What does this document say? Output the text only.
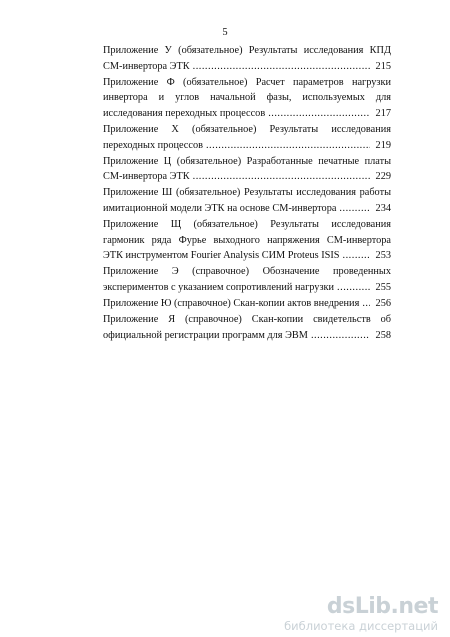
5
Приложение У (обязательное) Результаты исследования КПД
СМ-инвертора ЭТК .....	215
Приложение Ф (обязательное) Расчет параметров нагрузки
инвертора и углов начальной фазы, используемых для
исследования переходных процессов .....	217
Приложение Х (обязательное) Результаты исследования
переходных процессов .....	219
Приложение Ц (обязательное) Разработанные печатные платы
СМ-инвертора ЭТК .....	229
Приложение Ш (обязательное) Результаты исследования работы
имитационной модели ЭТК на основе СМ-инвертора .....	234
Приложение Щ (обязательное) Результаты исследования
гармоник ряда Фурье выходного напряжения СМ-инвертора
ЭТК инструментом Fourier Analysis СИМ Proteus ISIS .....	253
Приложение Э (справочное) Обозначение проведенных
экспериментов с указанием сопротивлений нагрузки .....	255
Приложение Ю (справочное) Скан-копии актов внедрения ..... 256
Приложение Я (справочное) Скан-копии свидетельств об
официальной регистрации программ для ЭВМ .....	258
dsLib.net
библиотека диссертаций
